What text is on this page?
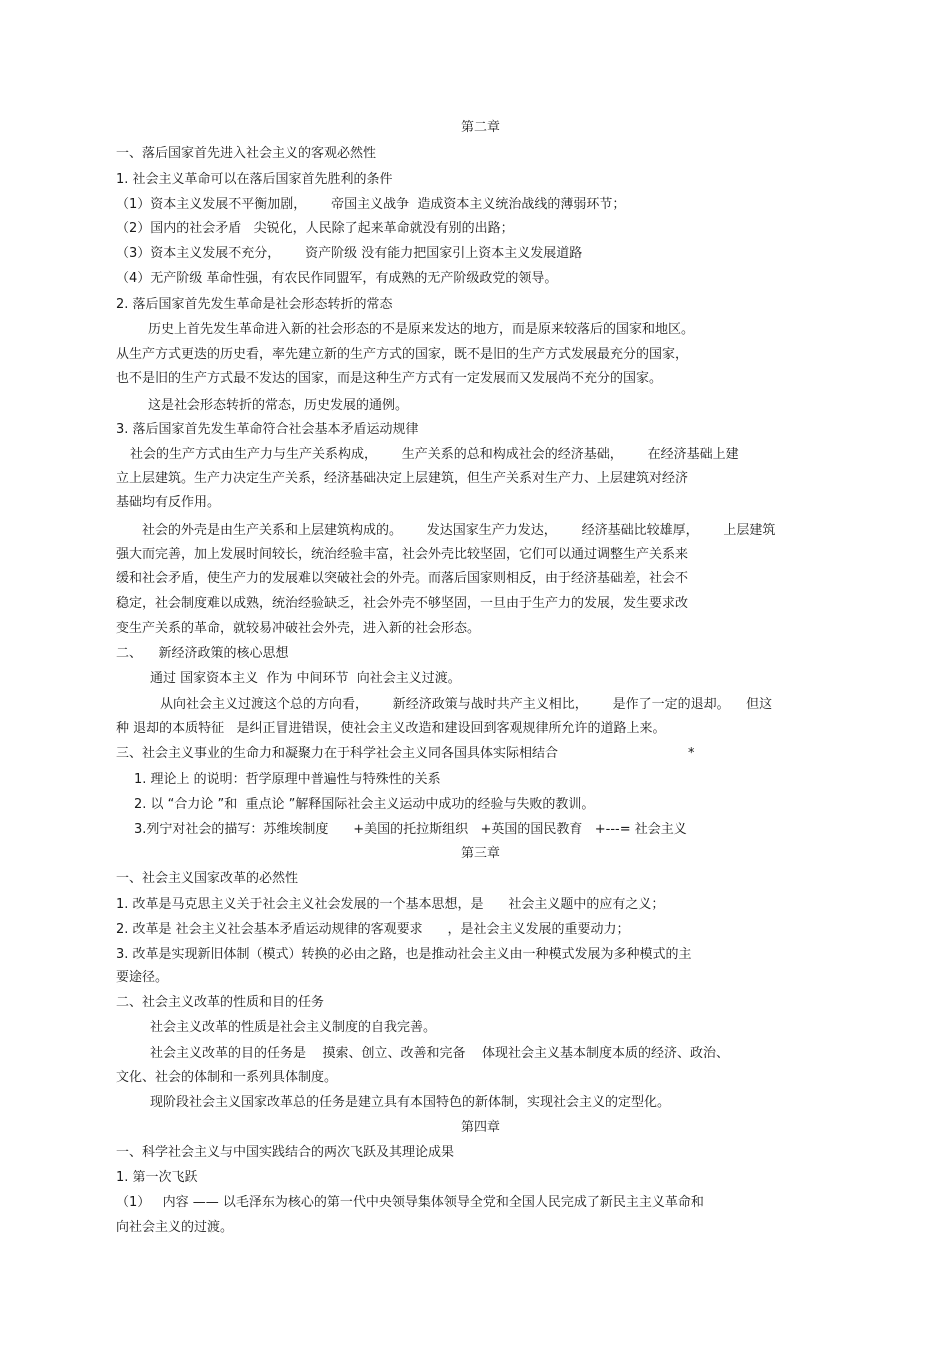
第二章

一、落后国家首先进入社会主义的客观必然性

1. 社会主义革命可以在落后国家首先胜利的条件

（1）资本主义发展不平衡加剧，      帝国主义战争  造成资本主义统治战线的薄弱环节；

（2）国内的社会矛盾   尖锐化，人民除了起来革命就没有别的出路；

（3）资本主义发展不充分，      资产阶级 没有能力把国家引上资本主义发展道路

（4）无产阶级 革命性强，有农民作同盟军，有成熟的无产阶级政党的领导。

2. 落后国家首先发生革命是社会形态转折的常态

历史上首先发生革命进入新的社会形态的不是原来发达的地方，而是原来较落后的国家和地区。

从生产方式更迭的历史看，率先建立新的生产方式的国家，既不是旧的生产方式发展最充分的国家，

也不是旧的生产方式最不发达的国家，而是这种生产方式有一定发展而又发展尚不充分的国家。

这是社会形态转折的常态，历史发展的通例。

3. 落后国家首先发生革命符合社会基本矛盾运动规律

社会的生产方式由生产力与生产关系构成，      生产关系的总和构成社会的经济基础，      在经济基础上建

立上层建筑。生产力决定生产关系，经济基础决定上层建筑，但生产关系对生产力、上层建筑对经济

基础均有反作用。

社会的外壳是由生产关系和上层建筑构成的。      发达国家生产力发达，      经济基础比较雄厚，      上层建筑

强大而完善，加上发展时间较长，统治经验丰富，社会外壳比较坚固，它们可以通过调整生产关系来

缓和社会矛盾，使生产力的发展难以突破社会的外壳。而落后国家则相反，由于经济基础差，社会不

稳定，社会制度难以成熟，统治经验缺乏，社会外壳不够坚固，一旦由于生产力的发展，发生要求改

变生产关系的革命，就较易冲破社会外壳，进入新的社会形态。

二、    新经济政策的核心思想

通过 国家资本主义  作为 中间环节  向社会主义过渡。

从向社会主义过渡这个总的方向看，      新经济政策与战时共产主义相比，      是作了一定的退却。    但这

种 退却的本质特征   是纠正冒进错误，使社会主义改造和建设回到客观规律所允许的道路上来。

三、社会主义事业的生命力和凝聚力在于科学社会主义同各国具体实际相结合	*

1. 理论上 的说明：哲学原理中普遍性与特殊性的关系

2. 以 “合力论 ”和  重点论 ”解释国际社会主义运动中成功的经验与失败的教训。

3.列宁对社会的描写：苏维埃制度      +美国的托拉斯组织   +英国的国民教育   +---= 社会主义

第三章

一、社会主义国家改革的必然性

1. 改革是马克思主义关于社会主义社会发展的一个基本思想，是      社会主义题中的应有之义；

2. 改革是 社会主义社会基本矛盾运动规律的客观要求      ，是社会主义发展的重要动力；

3. 改革是实现新旧体制（模式）转换的必由之路，也是推动社会主义由一种模式发展为多种模式的主

要途径。

二、社会主义改革的性质和目的任务

社会主义改革的性质是社会主义制度的自我完善。

社会主义改革的目的任务是    摸索、创立、改善和完备    体现社会主义基本制度本质的经济、政治、

文化、社会的体制和一系列具体制度。

现阶段社会主义国家改革总的任务是建立具有本国特色的新体制，实现社会主义的定型化。

第四章

一、科学社会主义与中国实践结合的两次飞跃及其理论成果

1. 第一次飞跃

（1）   内容 —— 以毛泽东为核心的第一代中央领导集体领导全党和全国人民完成了新民主主义革命和

向社会主义的过渡。
